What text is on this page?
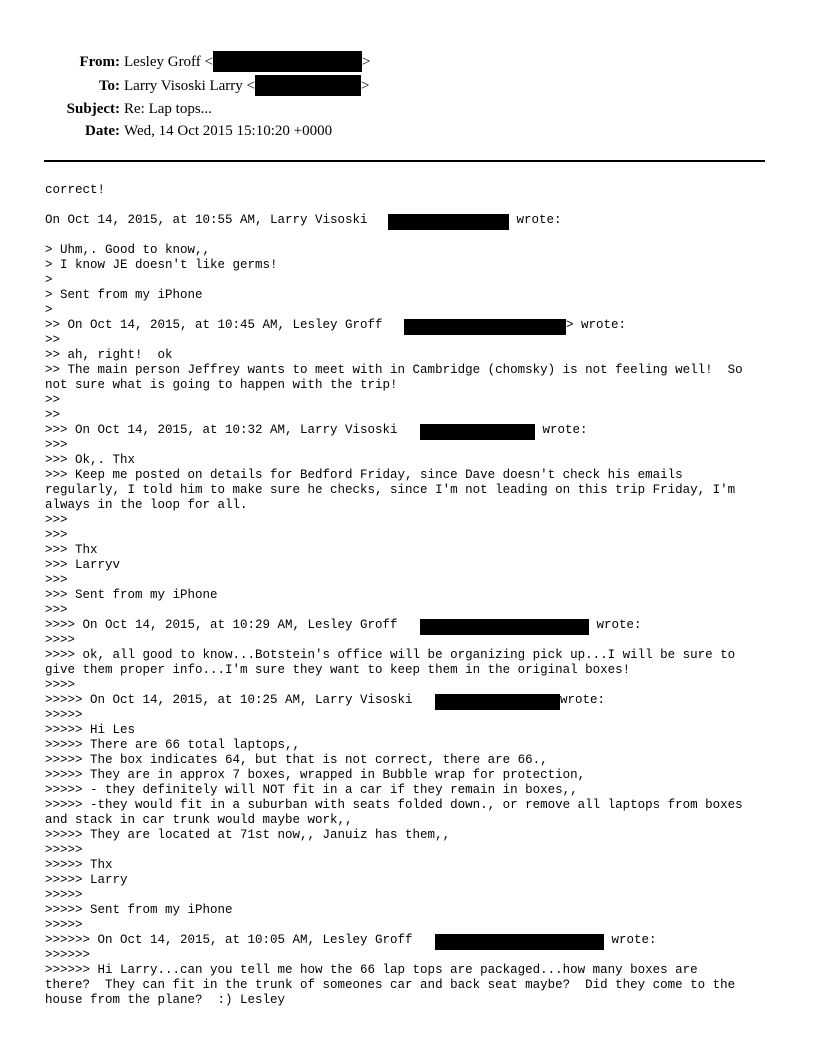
From:

Lesley Groff <	>

To:

Larry Visoski Larry <	>

Subject:

Re: Lap tops...

Date:

Wed, 14 Oct 2015 15:10:20 +0000

correct!
On Oct 14, 2015, at 10:55 AM, Larry Visoski	wrote:
> Uhm,. Good to know,,
> I know JE doesn't like germs!
>
> Sent from my iPhone
>
>> On Oct 14, 2015, at 10:45 AM, Lesley Groff	> wrote:
>>
>> ah, right!  ok
>> The main person Jeffrey wants to meet with in Cambridge (chomsky) is not feeling well!  So
not sure what is going to happen with the trip!
>>
>>
>>> On Oct 14, 2015, at 10:32 AM, Larry Visoski	wrote:
>>>
>>> Ok,. Thx
>>> Keep me posted on details for Bedford Friday, since Dave doesn't check his emails
regularly, I told him to make sure he checks, since I'm not leading on this trip Friday, I'm
always in the loop for all.
>>>
>>>
>>> Thx
>>> Larryv
>>>
>>> Sent from my iPhone
>>>
>>>> On Oct 14, 2015, at 10:29 AM, Lesley Groff	wrote:
>>>>
>>>> ok, all good to know...Botstein's office will be organizing pick up...I will be sure to
give them proper info...I'm sure they want to keep them in the original boxes!
>>>>
>>>>> On Oct 14, 2015, at 10:25 AM, Larry Visoski	wrote:
>>>>>
>>>>> Hi Les
>>>>> There are 66 total laptops,,
>>>>> The box indicates 64, but that is not correct, there are 66.,
>>>>> They are in approx 7 boxes, wrapped in Bubble wrap for protection,
>>>>> - they definitely will NOT fit in a car if they remain in boxes,,
>>>>> -they would fit in a suburban with seats folded down., or remove all laptops from boxes
and stack in car trunk would maybe work,,
>>>>> They are located at 71st now,, Januiz has them,,
>>>>>
>>>>> Thx
>>>>> Larry
>>>>>
>>>>> Sent from my iPhone
>>>>>
>>>>>> On Oct 14, 2015, at 10:05 AM, Lesley Groff	wrote:
>>>>>>
>>>>>> Hi Larry...can you tell me how the 66 lap tops are packaged...how many boxes are
there?  They can fit in the trunk of someones car and back seat maybe?  Did they come to the
house from the plane?  :) Lesley
